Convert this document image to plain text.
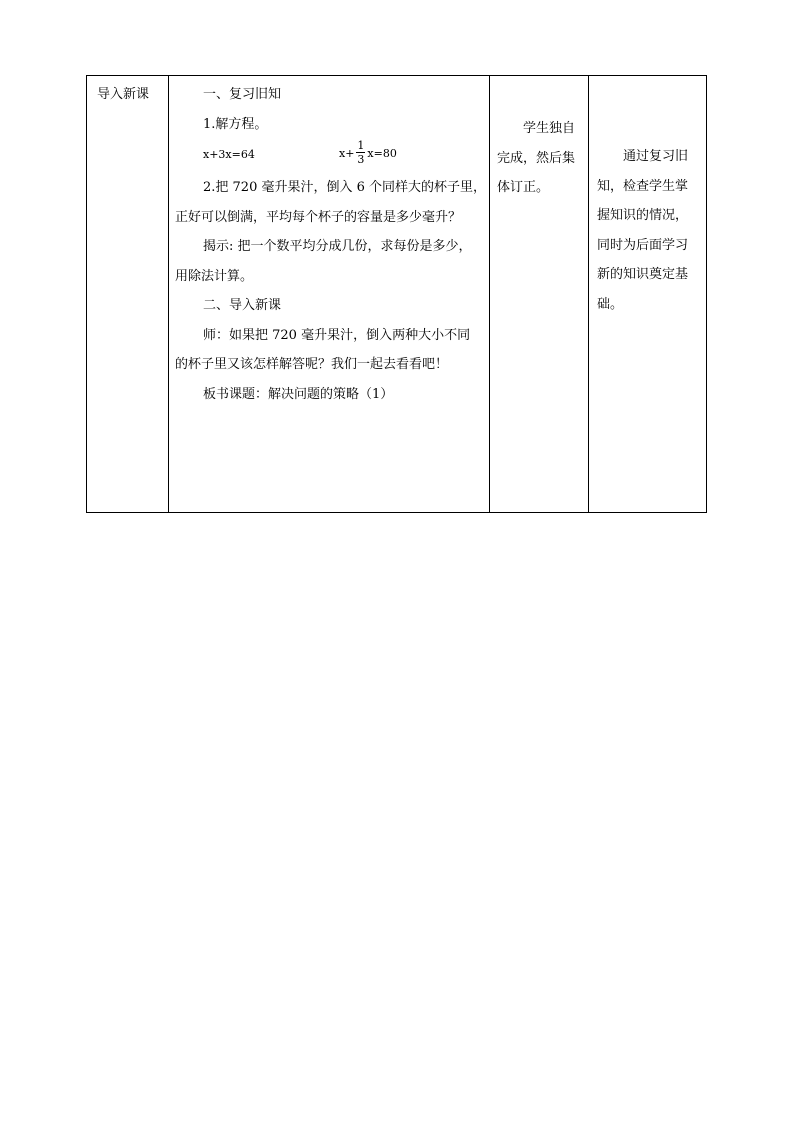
导入新课	一、复习旧知

1.解方程。

x+3x=64	$x+ \frac{1}{3} x=80$

2.把 720 毫升果汁，倒入 6 个同样大的杯子里，

正好可以倒满，平均每个杯子的容量是多少毫升？

揭示: 把一个数平均分成几份，求每份是多少，

用除法计算。

二、导入新课

师：如果把 720 毫升果汁，倒入两种大小不同

的杯子里又该怎样解答呢？我们一起去看看吧！

板书课题：解决问题的策略（1）

学生独自

完成，然后集

体订正。

通过复习旧

知，检查学生掌

握知识的情况，

同时为后面学习

新的知识奠定基

础。
